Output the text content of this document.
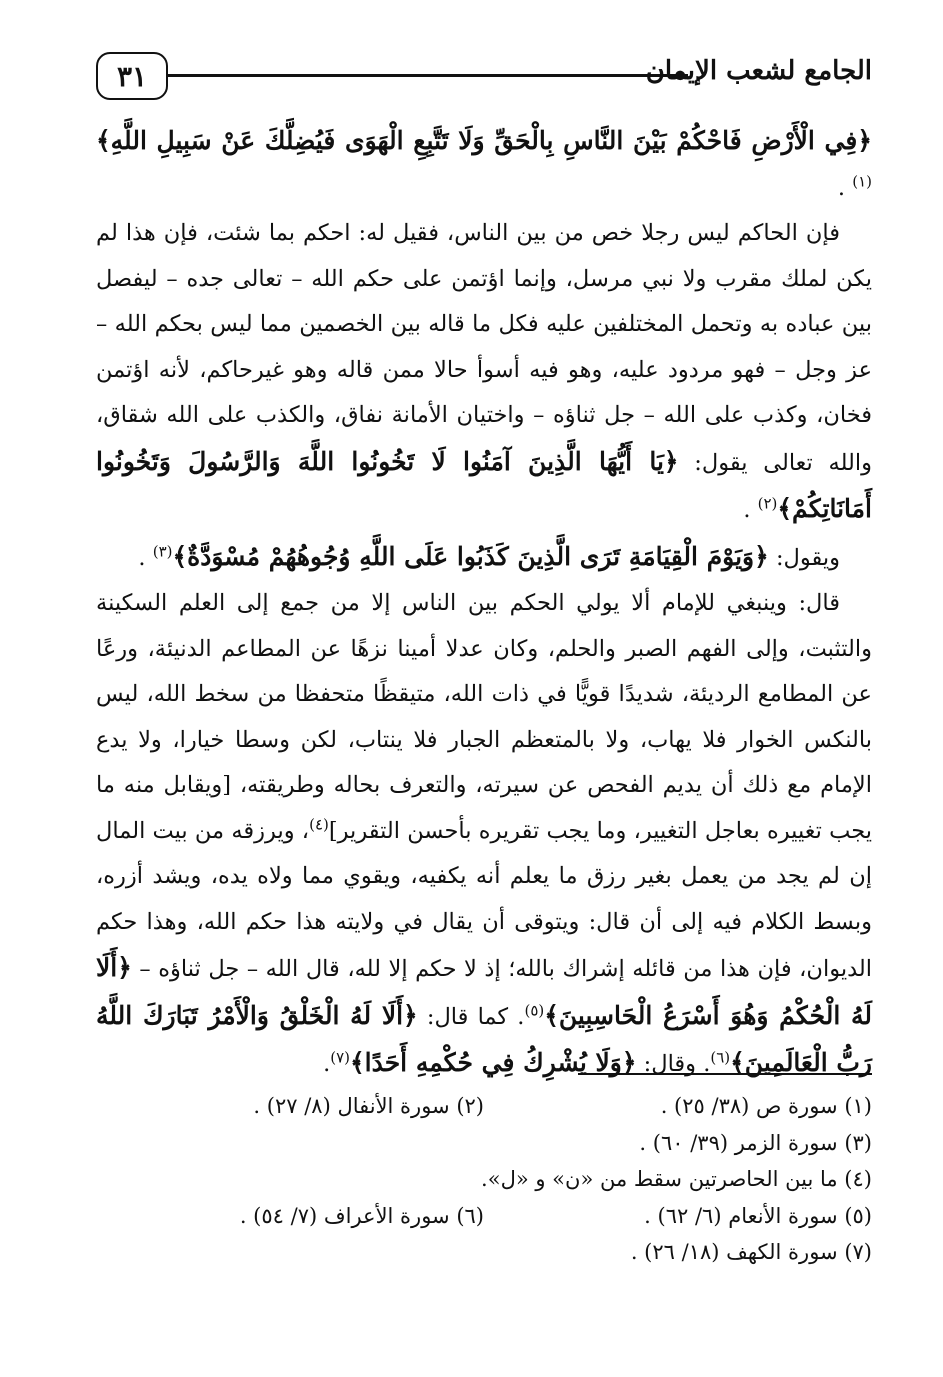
٣١	الجامع لشعب الإيمان

﴿فِي الْأَرْضِ فَاحْكُمْ بَيْنَ النَّاسِ بِالْحَقِّ وَلَا تَتَّبِعِ الْهَوَى فَيُضِلَّكَ عَنْ سَبِيلِ اللَّهِ﴾$^{(١)}$ .

فإن الحاكم ليس رجلا خص من بين الناس، فقيل له: احكم بما شئت، فإن هذا لم يكن لملك مقرب ولا نبي مرسل، وإنما اؤتمن على حكم الله – تعالى جده – ليفصل بين عباده به وتحمل المختلفين عليه فكل ما قاله بين الخصمين مما ليس بحكم الله – عز وجل – فهو مردود عليه، وهو فيه أسوأ حالا ممن قاله وهو غيرحاكم، لأنه اؤتمن فخان، وكذب على الله – جل ثناؤه – واختيان الأمانة نفاق، والكذب على الله شقاق، والله تعالى يقول: ﴿يَا أَيُّهَا الَّذِينَ آمَنُوا لَا تَخُونُوا اللَّهَ وَالرَّسُولَ وَتَخُونُوا أَمَانَاتِكُمْ﴾$^{(٢)}$ .

ويقول: ﴿وَيَوْمَ الْقِيَامَةِ تَرَى الَّذِينَ كَذَبُوا عَلَى اللَّهِ وُجُوهُهُمْ مُسْوَدَّةٌ﴾$^{(٣)}$ .

قال: وينبغي للإمام ألا يولي الحكم بين الناس إلا من جمع إلى العلم السكينة والتثبت، وإلى الفهم الصبر والحلم، وكان عدلا أمينا نزهًا عن المطاعم الدنيئة، ورعًا عن المطامع الرديئة، شديدًا قويًّا في ذات الله، متيقظًا متحفظا من سخط الله، ليس بالنكس الخوار فلا يهاب، ولا بالمتعظم الجبار فلا ينتاب، لكن وسطا خيارا، ولا يدع الإمام مع ذلك أن يديم الفحص عن سيرته، والتعرف بحاله وطريقته، [ويقابل منه ما يجب تغييره بعاجل التغيير، وما يجب تقريره بأحسن التقرير]$^{(٤)}$، ويرزقه من بيت المال إن لم يجد من يعمل بغير رزق ما يعلم أنه يكفيه، ويقوي مما ولاه يده، ويشد أزره، وبسط الكلام فيه إلى أن قال: ويتوقى أن يقال في ولايته هذا حكم الله، وهذا حكم الديوان، فإن هذا من قائله إشراك بالله؛ إذ لا حكم إلا لله، قال الله – جل ثناؤه – ﴿أَلَا لَهُ الْحُكْمُ وَهُوَ أَسْرَعُ الْحَاسِبِينَ﴾$^{(٥)}$. كما قال: ﴿أَلَا لَهُ الْخَلْقُ وَالْأَمْرُ تَبَارَكَ اللَّهُ رَبُّ الْعَالَمِينَ﴾$^{(٦)}$. وقال: ﴿وَلَا يُشْرِكُ فِي حُكْمِهِ أَحَدًا﴾$^{(٧)}$.

(١) سورة ص (٣٨/ ٢٥) .
(٢) سورة الأنفال (٨/ ٢٧) .
(٣) سورة الزمر (٣٩/ ٦٠) .
(٤) ما بين الحاصرتين سقط من «ن» و «ل».
(٥) سورة الأنعام (٦/ ٦٢) .
(٦) سورة الأعراف (٧/ ٥٤) .
(٧) سورة الكهف (١٨/ ٢٦) .
